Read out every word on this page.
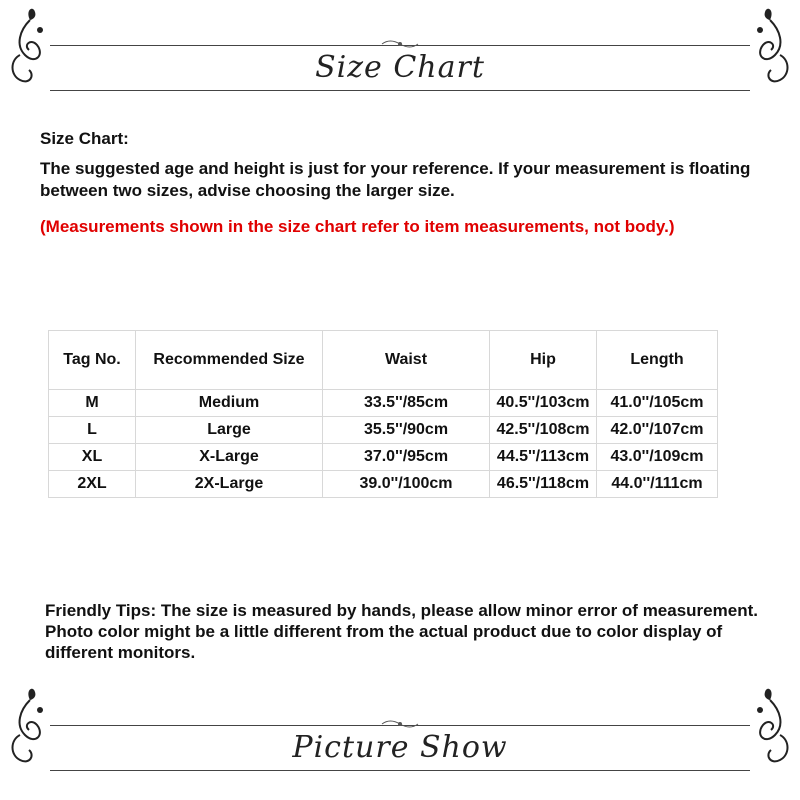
Size Chart
Size Chart:
The suggested age and height is just for your reference. If your measurement is floating between two sizes, advise choosing the larger size.
(Measurements shown in the size chart refer to item measurements, not body.)
Tag No.	Recommended Size	Waist	Hip	Length
M	Medium	33.5''/85cm	40.5''/103cm	41.0''/105cm
L	Large	35.5''/90cm	42.5''/108cm	42.0''/107cm
XL	X-Large	37.0''/95cm	44.5''/113cm	43.0''/109cm
2XL	2X-Large	39.0''/100cm	46.5''/118cm	44.0''/111cm
Friendly Tips: The size is measured by hands, please allow minor error of measurement. Photo color might be a little different from the actual product due to color display of different monitors.
Picture Show
